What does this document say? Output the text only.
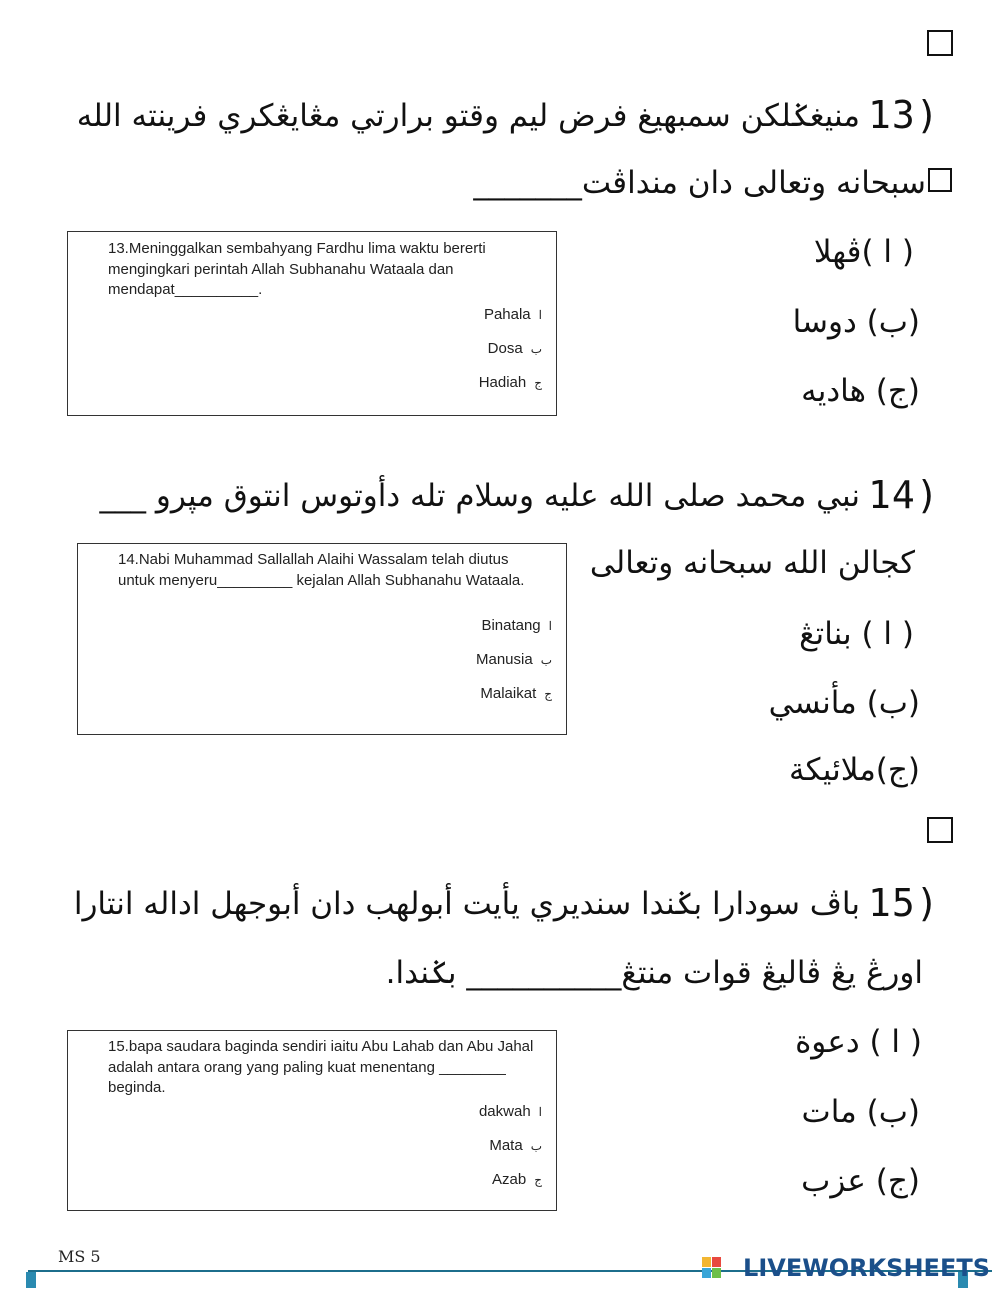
13)
منيغݢلكن سمبهيغ فرض ليم وقتو برارتي مڠايڠكري فرينته الله
سبحانه وتعالى دان منداڤت_______
( ا )ڤهلا
(ب) دوسا
(ج) هاديه
13.Meninggalkan sembahyang Fardhu lima waktu bererti mengingkari perintah Allah Subhanahu Wataala dan mendapat__________.
Pahala ا
Dosa ب
Hadiah ج
14)
نبي محمد صلى الله عليه وسلام تله دأوتوس انتوق مڽرو ___
كجالن الله سبحانه وتعالى
( ا ) بناتڠ
(ب) مأنسي
(ج)ملائيكة
14.Nabi Muhammad Sallallah Alaihi Wassalam telah diutus untuk menyeru_________ kejalan Allah Subhanahu Wataala.
Binatang ا
Manusia ب
Malaikat ج
15)
باڤ سودارا بݢندا سنديري يأيت أبولهب دان أبوجهل اداله انتارا
اورڠ يڠ ڤاليڠ قوات منتڠ__________ بݢندا.
( ا ) دعوة
(ب) مات
(ج) عزب
15.bapa saudara baginda sendiri iaitu Abu Lahab dan Abu Jahal adalah antara orang yang paling kuat menentang ________ beginda.
dakwah ا
Mata ب
Azab ج
MS 5	LIVEWORKSHEETS
